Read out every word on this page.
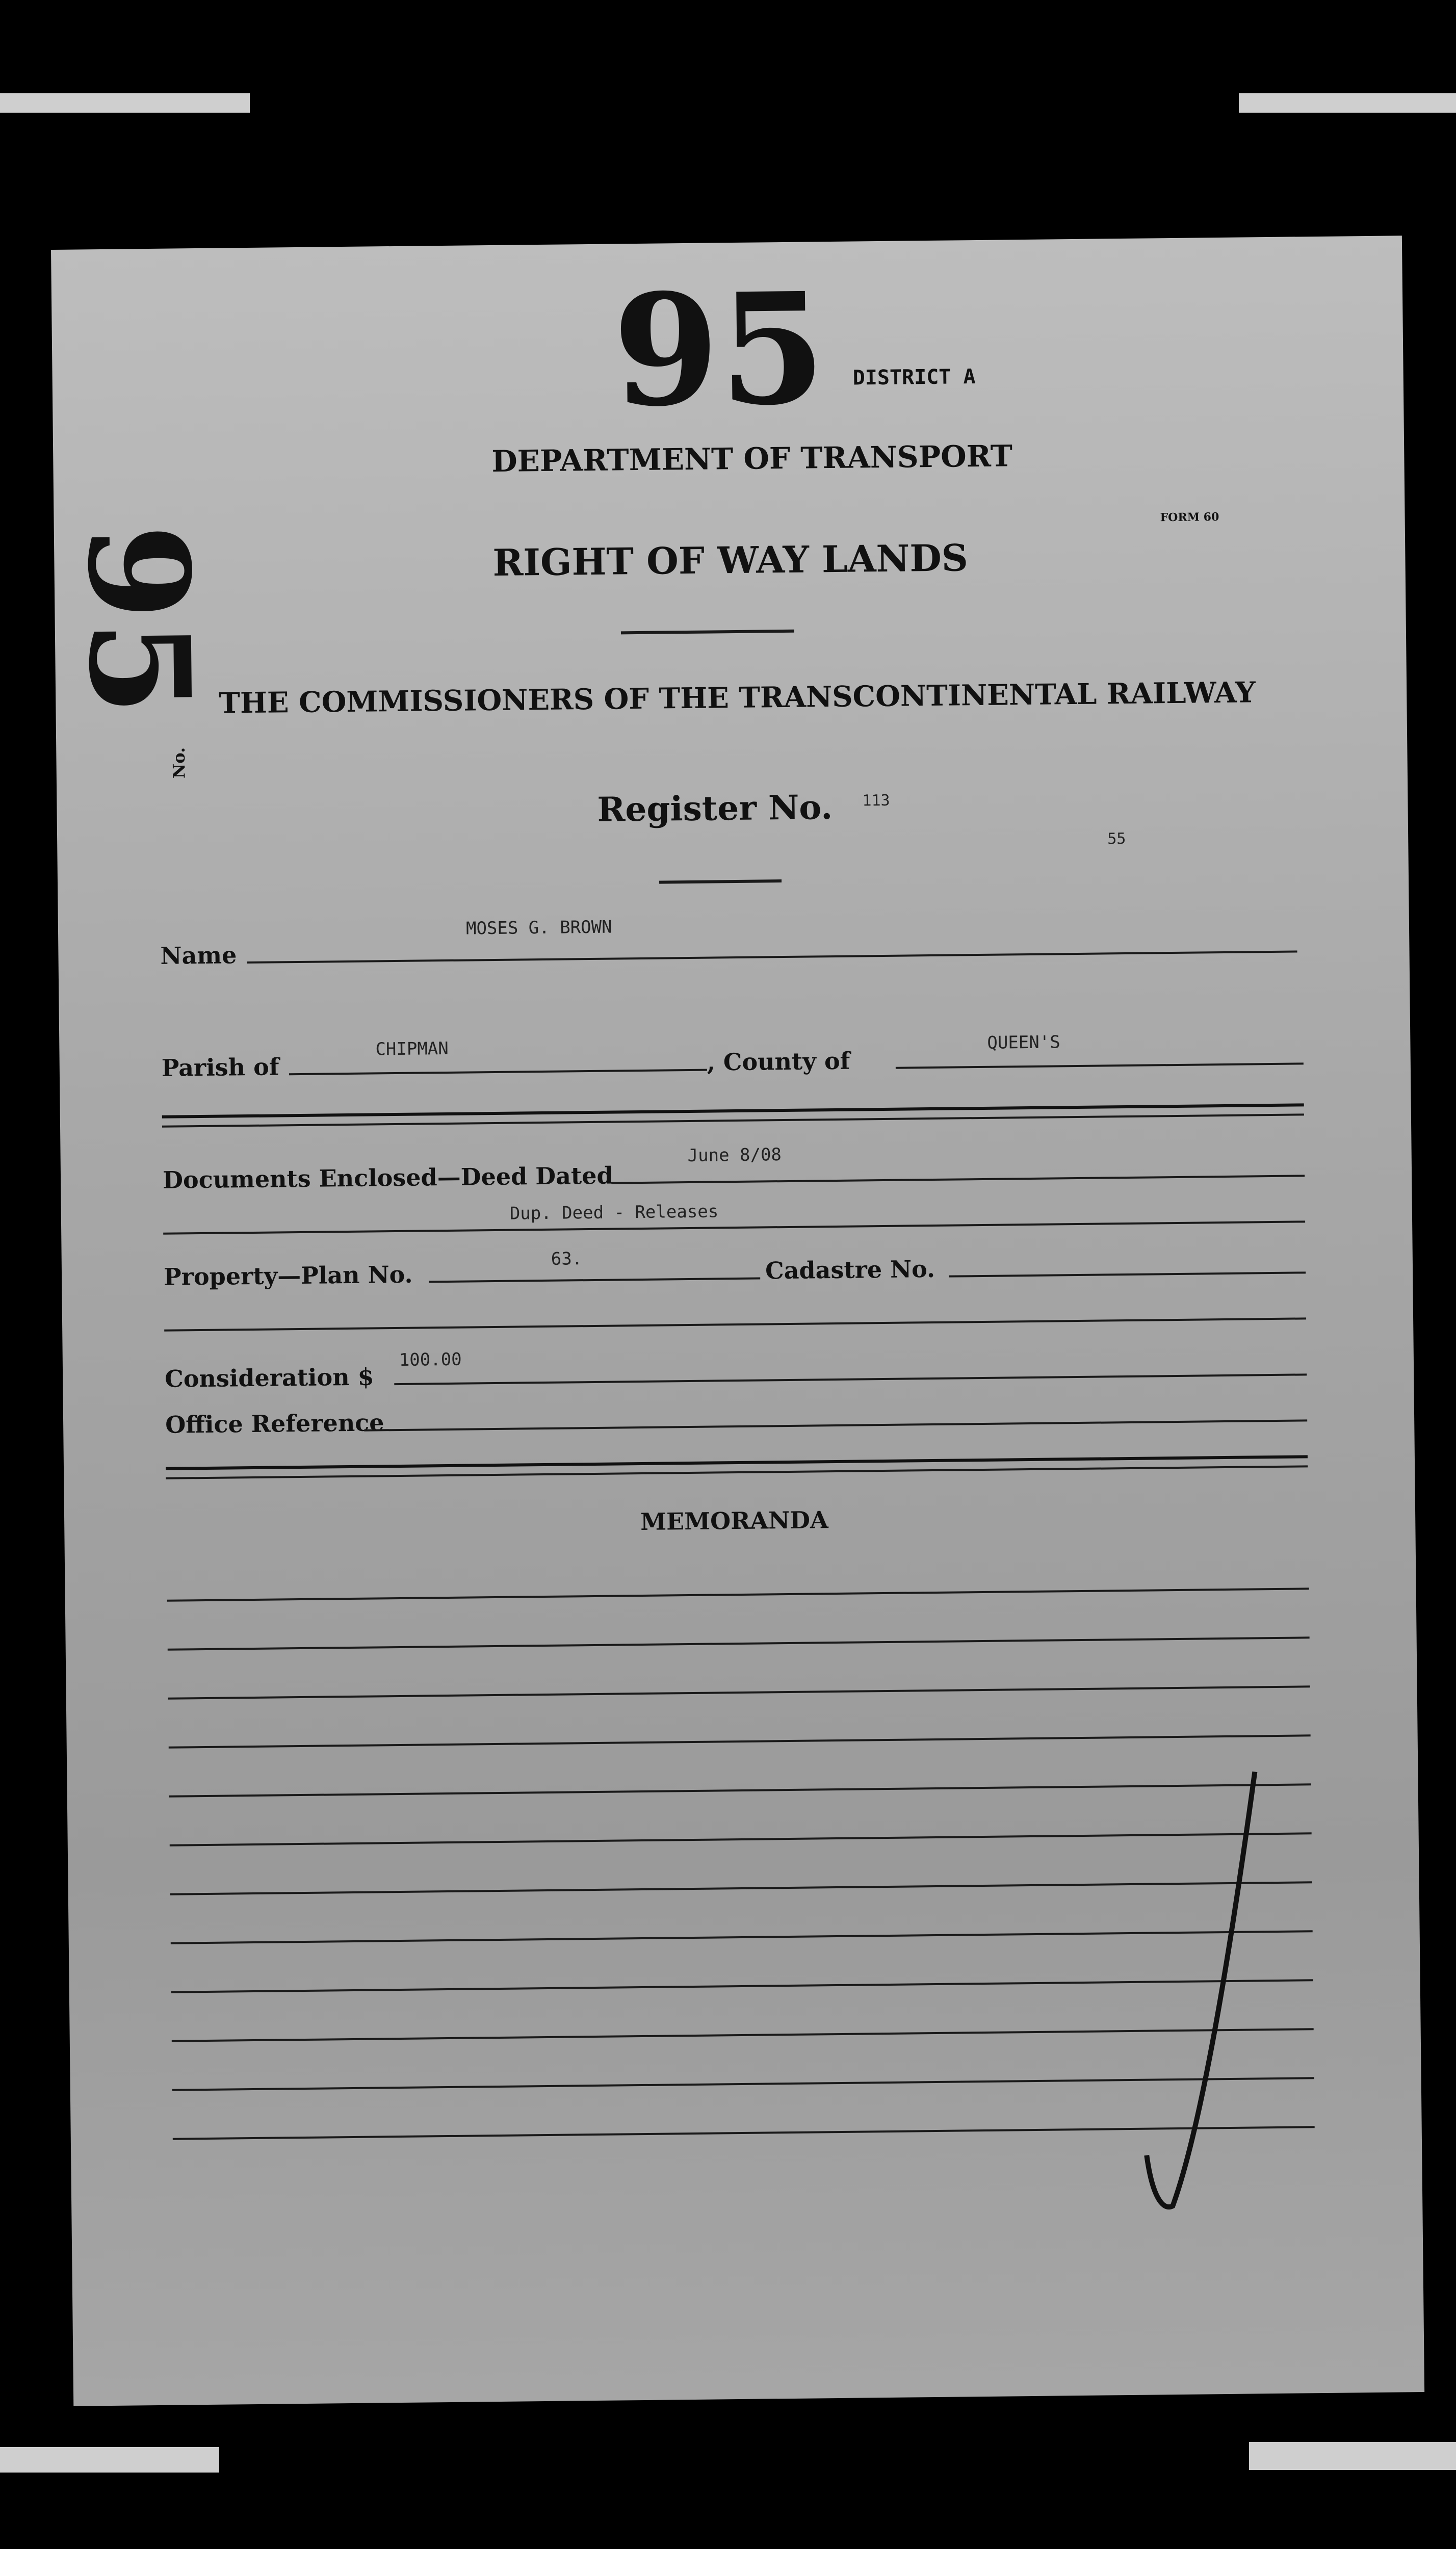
95 DISTRICT A
DEPARTMENT OF TRANSPORT
FORM 60
RIGHT OF WAY LANDS
95
No.
THE COMMISSIONERS OF THE TRANSCONTINENTAL RAILWAY
Register No. 113
55
Name
MOSES G. BROWN
Parish of
CHIPMAN	, County of
QUEEN'S
Documents Enclosed—Deed Dated
June 8/08
Dup. Deed - Releases
Property—Plan No.
63.	Cadastre No.
Consideration $
100.00
Office Reference
MEMORANDA
